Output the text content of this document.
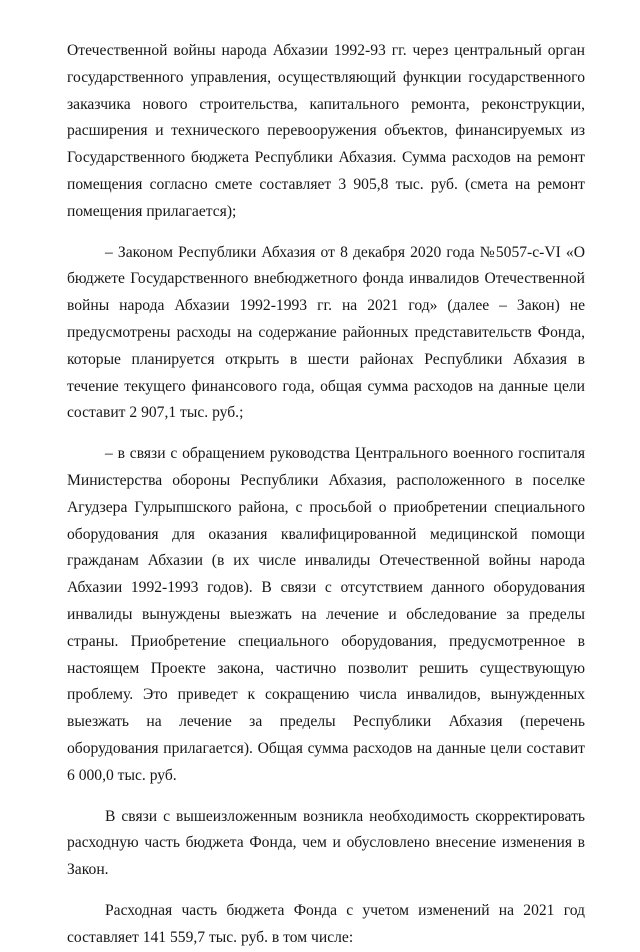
Отечественной войны народа Абхазии 1992-93 гг. через центральный орган государственного управления, осуществляющий функции государственного заказчика нового строительства, капитального ремонта, реконструкции, расширения и технического перевооружения объектов, финансируемых из Государственного бюджета Республики Абхазия. Сумма расходов на ремонт помещения согласно смете составляет 3 905,8 тыс. руб. (смета на ремонт помещения прилагается);

– Законом Республики Абхазия от 8 декабря 2020 года №5057-с-VI «О бюджете Государственного внебюджетного фонда инвалидов Отечественной войны народа Абхазии 1992-1993 гг. на 2021 год» (далее – Закон) не предусмотрены расходы на содержание районных представительств Фонда, которые планируется открыть в шести районах Республики Абхазия в течение текущего финансового года, общая сумма расходов на данные цели составит 2 907,1 тыс. руб.;

– в связи с обращением руководства Центрального военного госпиталя Министерства обороны Республики Абхазия, расположенного в поселке Агудзера Гулрыпшского района, с просьбой о приобретении специального оборудования для оказания квалифицированной медицинской помощи гражданам Абхазии (в их числе инвалиды Отечественной войны народа Абхазии 1992-1993 годов). В связи с отсутствием данного оборудования инвалиды вынуждены выезжать на лечение и обследование за пределы страны. Приобретение специального оборудования, предусмотренное в настоящем Проекте закона, частично позволит решить существующую проблему. Это приведет к сокращению числа инвалидов, вынужденных выезжать на лечение за пределы Республики Абхазия (перечень оборудования прилагается). Общая сумма расходов на данные цели составит 6 000,0 тыс. руб.

В связи с вышеизложенным возникла необходимость скорректировать расходную часть бюджета Фонда, чем и обусловлено внесение изменения в Закон.

Расходная часть бюджета Фонда с учетом изменений на 2021 год составляет 141 559,7 тыс. руб. в том числе:
